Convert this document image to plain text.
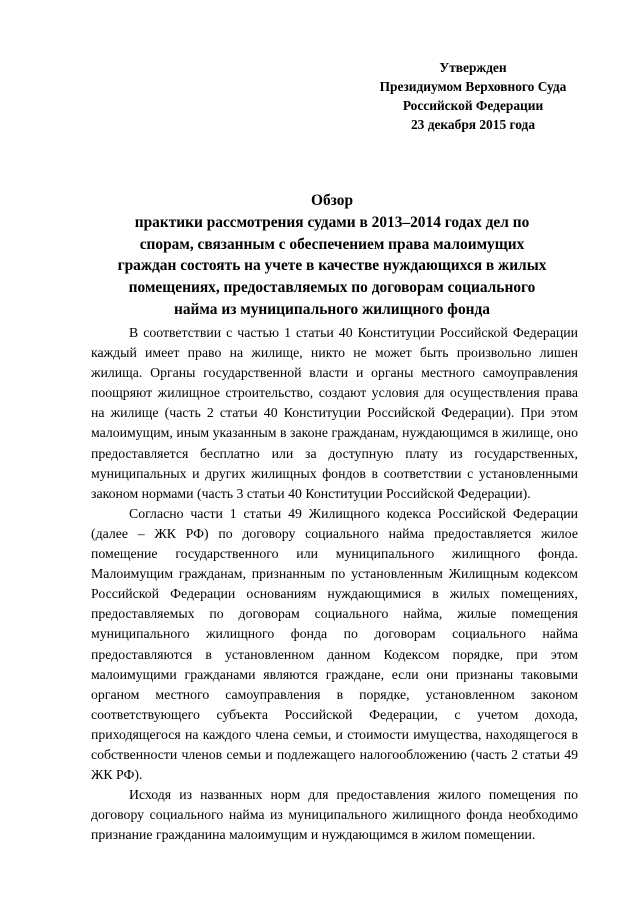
Утвержден
Президиумом Верховного Суда
Российской Федерации
23 декабря 2015 года
Обзор
практики рассмотрения судами в 2013–2014 годах дел по
спорам, связанным с обеспечением права малоимущих
граждан состоять на учете в качестве нуждающихся в жилых
помещениях, предоставляемых по договорам социального
найма из муниципального жилищного фонда

В соответствии с частью 1 статьи 40 Конституции Российской Федерации каждый имеет право на жилище, никто не может быть произвольно лишен жилища. Органы государственной власти и органы местного самоуправления поощряют жилищное строительство, создают условия для осуществления права на жилище (часть 2 статьи 40 Конституции Российской Федерации). При этом малоимущим, иным указанным в законе гражданам, нуждающимся в жилище, оно предоставляется бесплатно или за доступную плату из государственных, муниципальных и других жилищных фондов в соответствии с установленными законом нормами (часть 3 статьи 40 Конституции Российской Федерации).

Согласно части 1 статьи 49 Жилищного кодекса Российской Федерации (далее – ЖК РФ) по договору социального найма предоставляется жилое помещение государственного или муниципального жилищного фонда. Малоимущим гражданам, признанным по установленным Жилищным кодексом Российской Федерации основаниям нуждающимися в жилых помещениях, предоставляемых по договорам социального найма, жилые помещения муниципального жилищного фонда по договорам социального найма предоставляются в установленном данном Кодексом порядке, при этом малоимущими гражданами являются граждане, если они признаны таковыми органом местного самоуправления в порядке, установленном законом соответствующего субъекта Российской Федерации, с учетом дохода, приходящегося на каждого члена семьи, и стоимости имущества, находящегося в собственности членов семьи и подлежащего налогообложению (часть 2 статьи 49 ЖК РФ).

Исходя из названных норм для предоставления жилого помещения по договору социального найма из муниципального жилищного фонда необходимо признание гражданина малоимущим и нуждающимся в жилом помещении.
